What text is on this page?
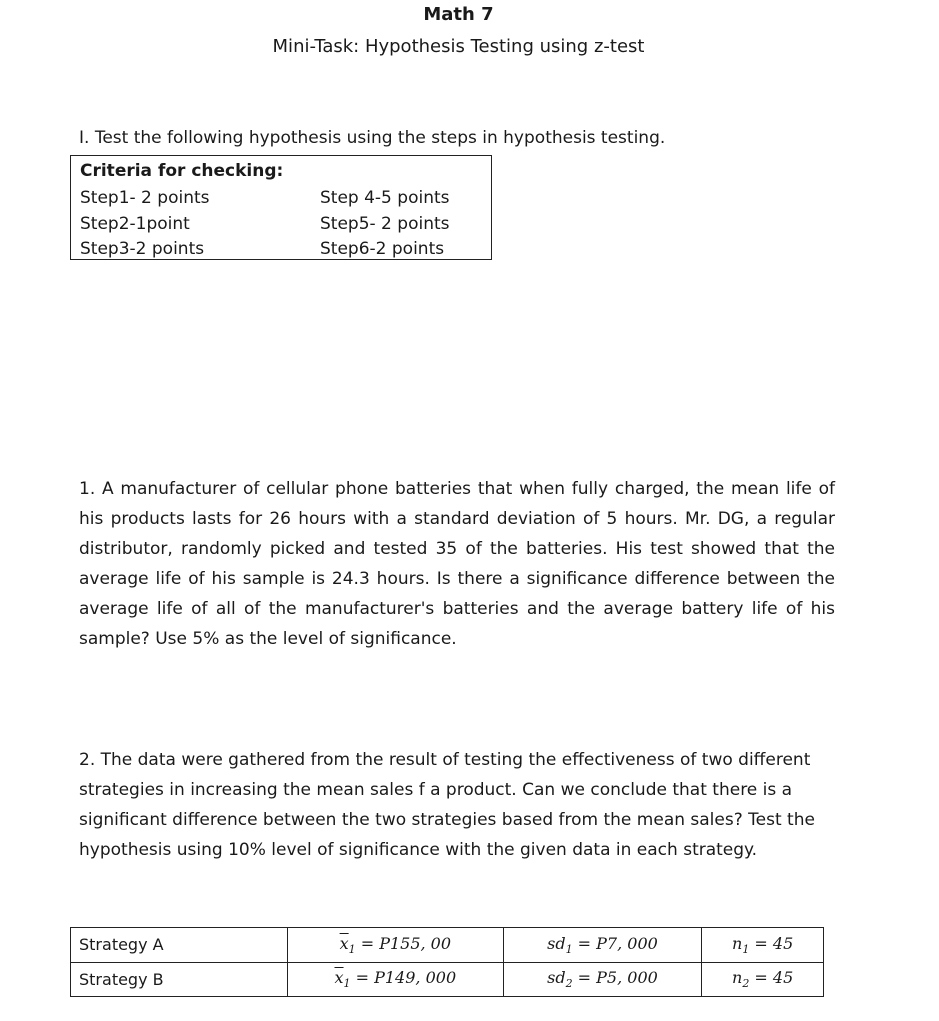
Math 7
Mini-Task: Hypothesis Testing using z-test
I. Test the following hypothesis using the steps in hypothesis testing.
Criteria for checking:
Step1- 2 points
Step2-1point
Step3-2 points
Step 4-5 points
Step5- 2 points
Step6-2 points
1. A manufacturer of cellular phone batteries that when fully charged, the mean life of his products lasts for 26 hours with a standard deviation of 5 hours. Mr. DG, a regular distributor, randomly picked and tested 35 of the batteries. His test showed that the average life of his sample is 24.3 hours. Is there a significance difference between the average life of all of the manufacturer's batteries and the average battery life of his sample? Use 5% as the level of significance.
2. The data were gathered from the result of testing the effectiveness of two different strategies in increasing the mean sales f a product. Can we conclude that there is a significant difference between the two strategies based from the mean sales? Test the hypothesis using 10% level of significance with the given data in each strategy.
Strategy A	$\overline{x}_1 = P155$, 00	$sd_1 = P7$, 000	$n_1 = 45$
Strategy B	$\overline{x}_1 = P149$, 000	$sd_2 = P5$, 000	$n_2 = 45$
